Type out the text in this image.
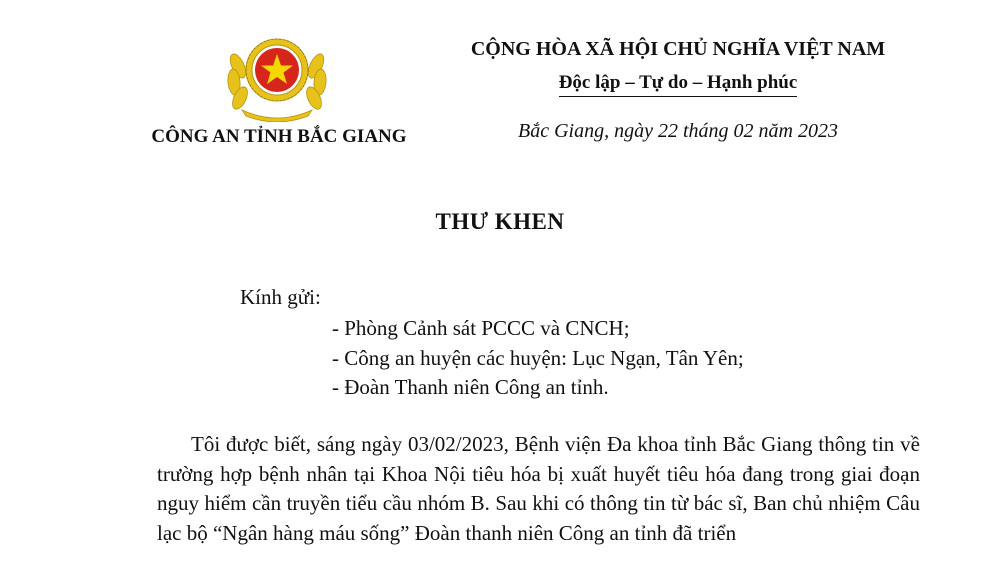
CÔNG AN TỈNH BẮC GIANG
CỘNG HÒA XÃ HỘI CHỦ NGHĨA VIỆT NAM
Độc lập – Tự do – Hạnh phúc
Bắc Giang, ngày 22 tháng 02 năm 2023
THƯ KHEN
Kính gửi:
- Phòng Cảnh sát PCCC và CNCH;
- Công an huyện các huyện: Lục Ngạn, Tân Yên;
- Đoàn Thanh niên Công an tỉnh.
Tôi được biết, sáng ngày 03/02/2023, Bệnh viện Đa khoa tỉnh Bắc Giang thông tin về trường hợp bệnh nhân tại Khoa Nội tiêu hóa bị xuất huyết tiêu hóa đang trong giai đoạn nguy hiểm cần truyền tiểu cầu nhóm B. Sau khi có thông tin từ bác sĩ, Ban chủ nhiệm Câu lạc bộ “Ngân hàng máu sống” Đoàn thanh niên Công an tỉnh đã triển
